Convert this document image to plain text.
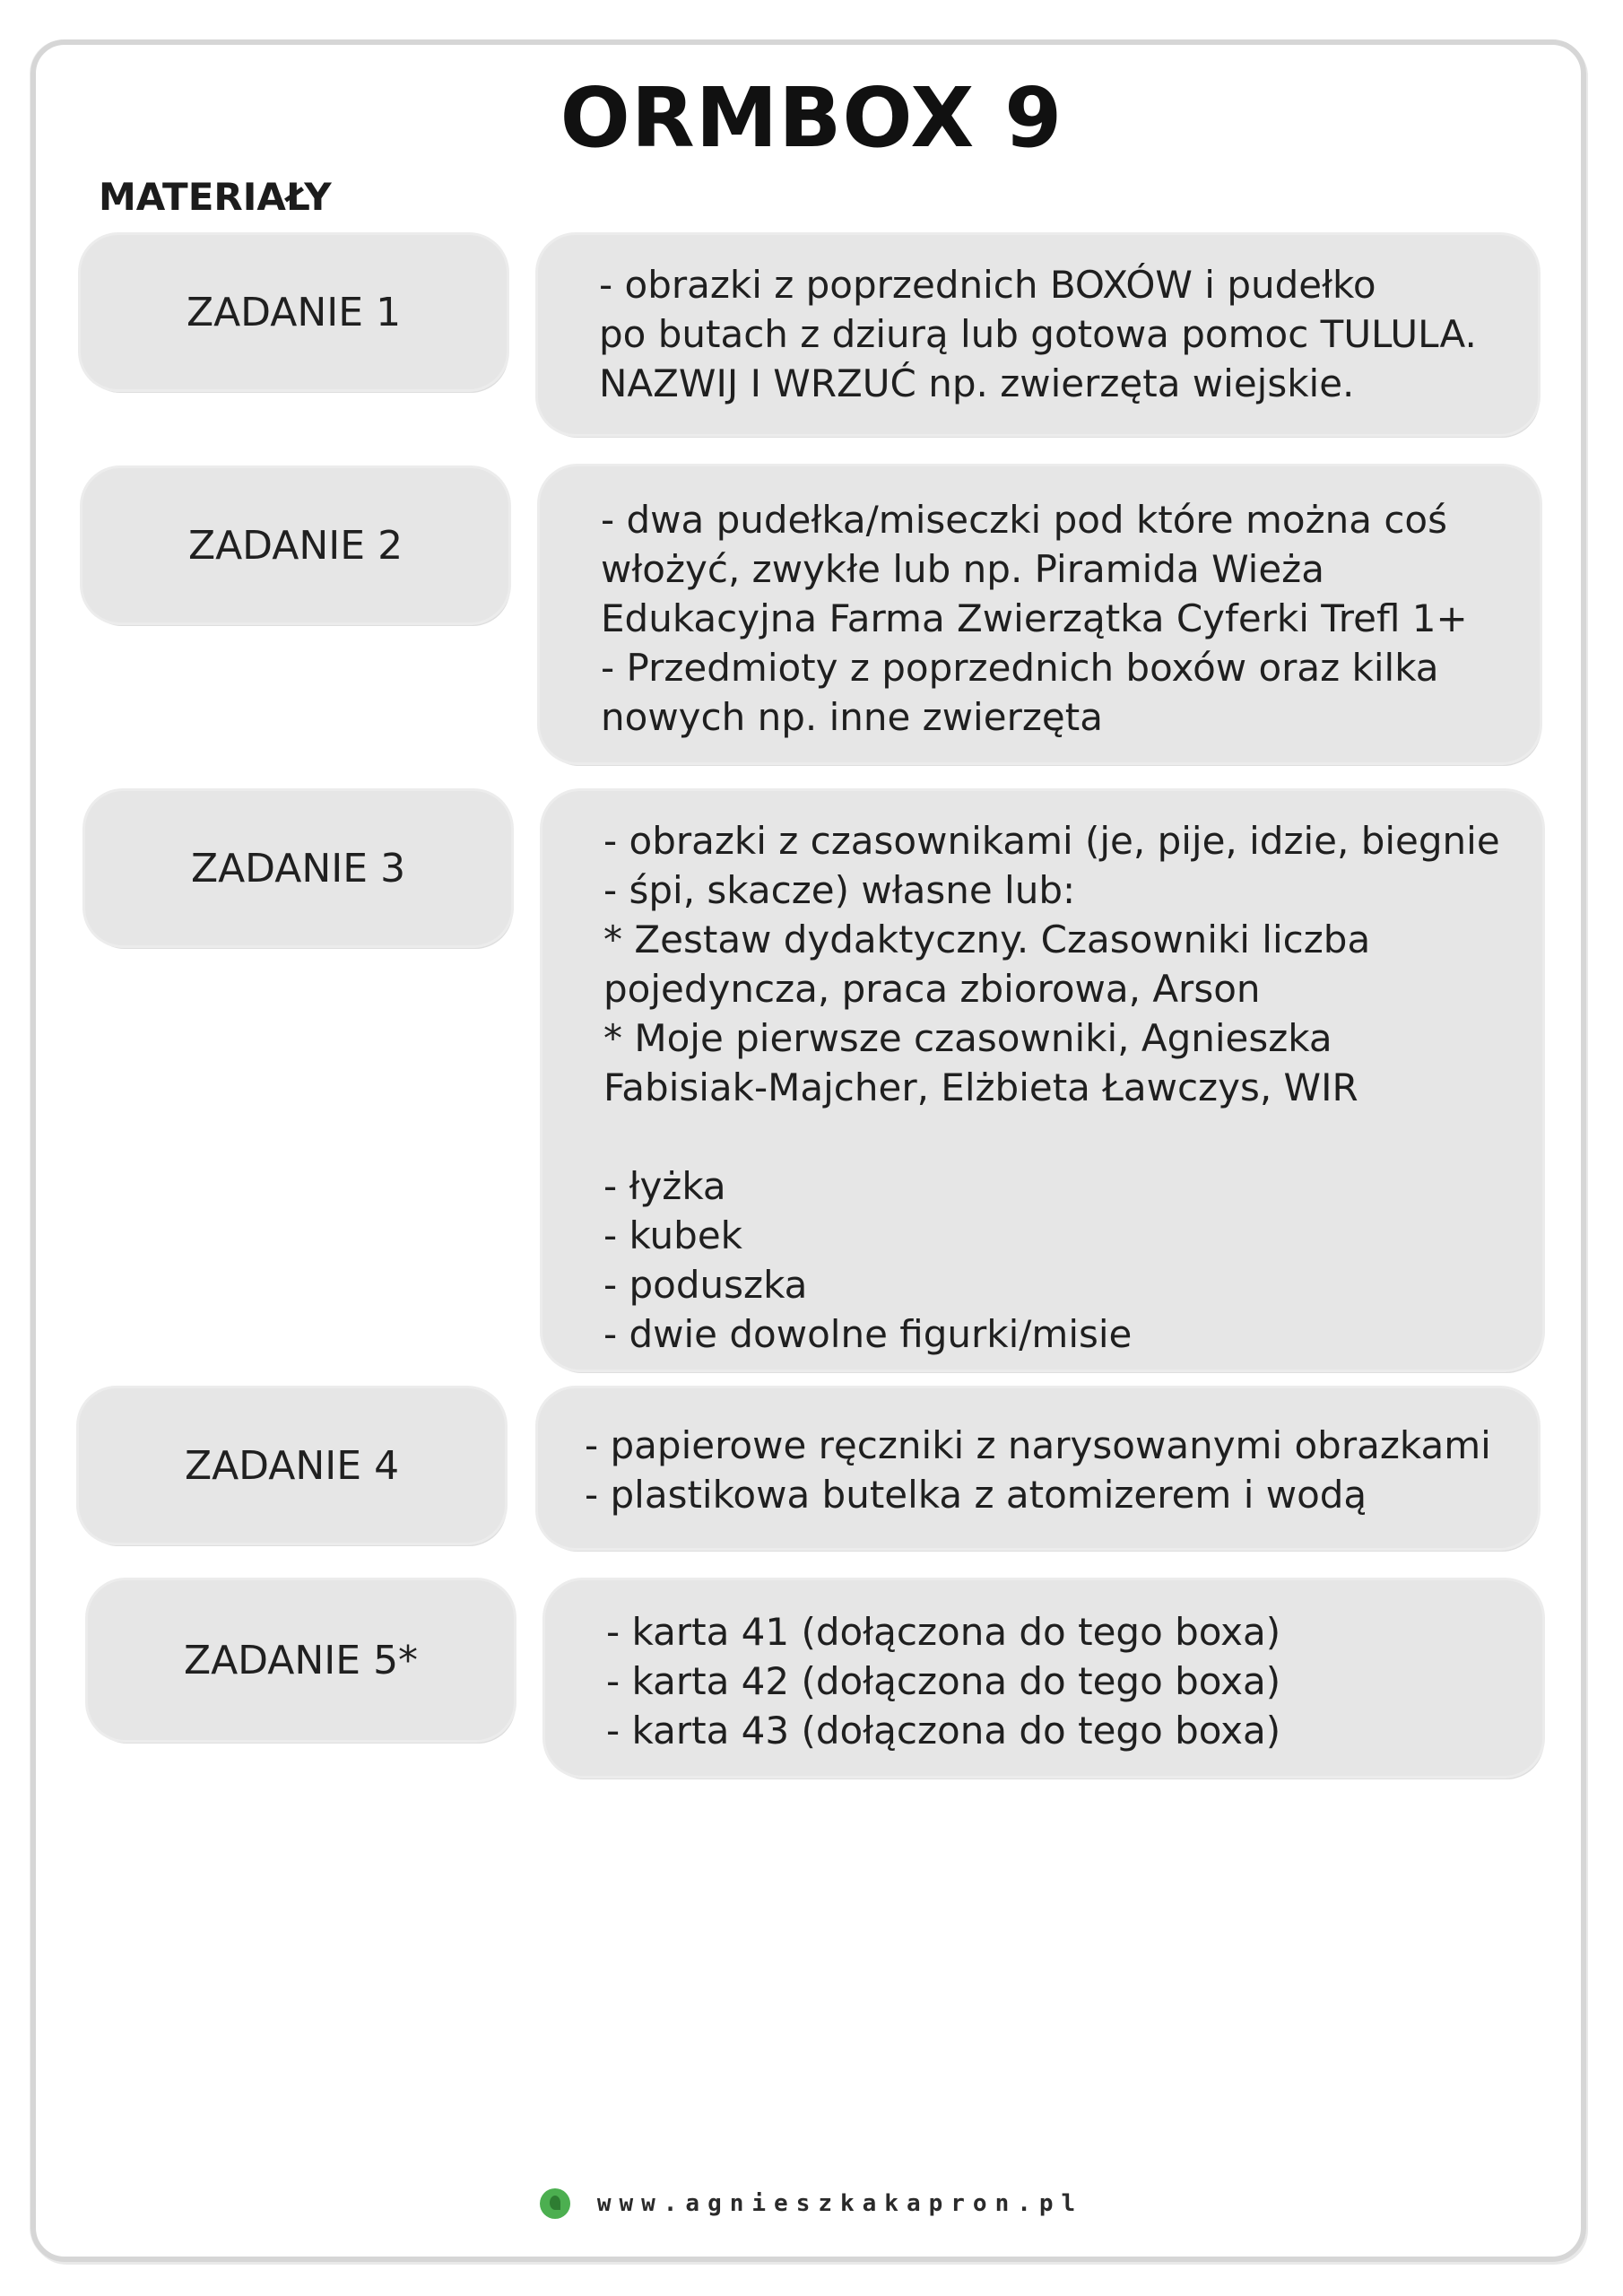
ORMBOX 9
MATERIAŁY
ZADANIE 1
- obrazki z poprzednich BOXÓW i pudełko
po butach z dziurą lub gotowa pomoc TULULA.
NAZWIJ I WRZUĆ np. zwierzęta wiejskie.
ZADANIE 2
- dwa pudełka/miseczki pod które można coś
włożyć, zwykłe lub np. Piramida Wieża
Edukacyjna Farma Zwierzątka Cyferki Trefl 1+
- Przedmioty z poprzednich boxów oraz kilka
nowych np. inne zwierzęta
ZADANIE 3
- obrazki z czasownikami (je, pije, idzie, biegnie
- śpi, skacze) własne lub:
* Zestaw dydaktyczny. Czasowniki liczba
pojedyncza, praca zbiorowa, Arson
* Moje pierwsze czasowniki, Agnieszka
Fabisiak-Majcher, Elżbieta Ławczys, WIR
- łyżka
- kubek
- poduszka
- dwie dowolne figurki/misie
ZADANIE 4	- papierowe ręczniki z narysowanymi obrazkami
- plastikowa butelka z atomizerem i wodą
ZADANIE 5*
- karta 41 (dołączona do tego boxa)
- karta 42 (dołączona do tego boxa)
- karta 43 (dołączona do tego boxa)
www.agnieszkakapron.pl
